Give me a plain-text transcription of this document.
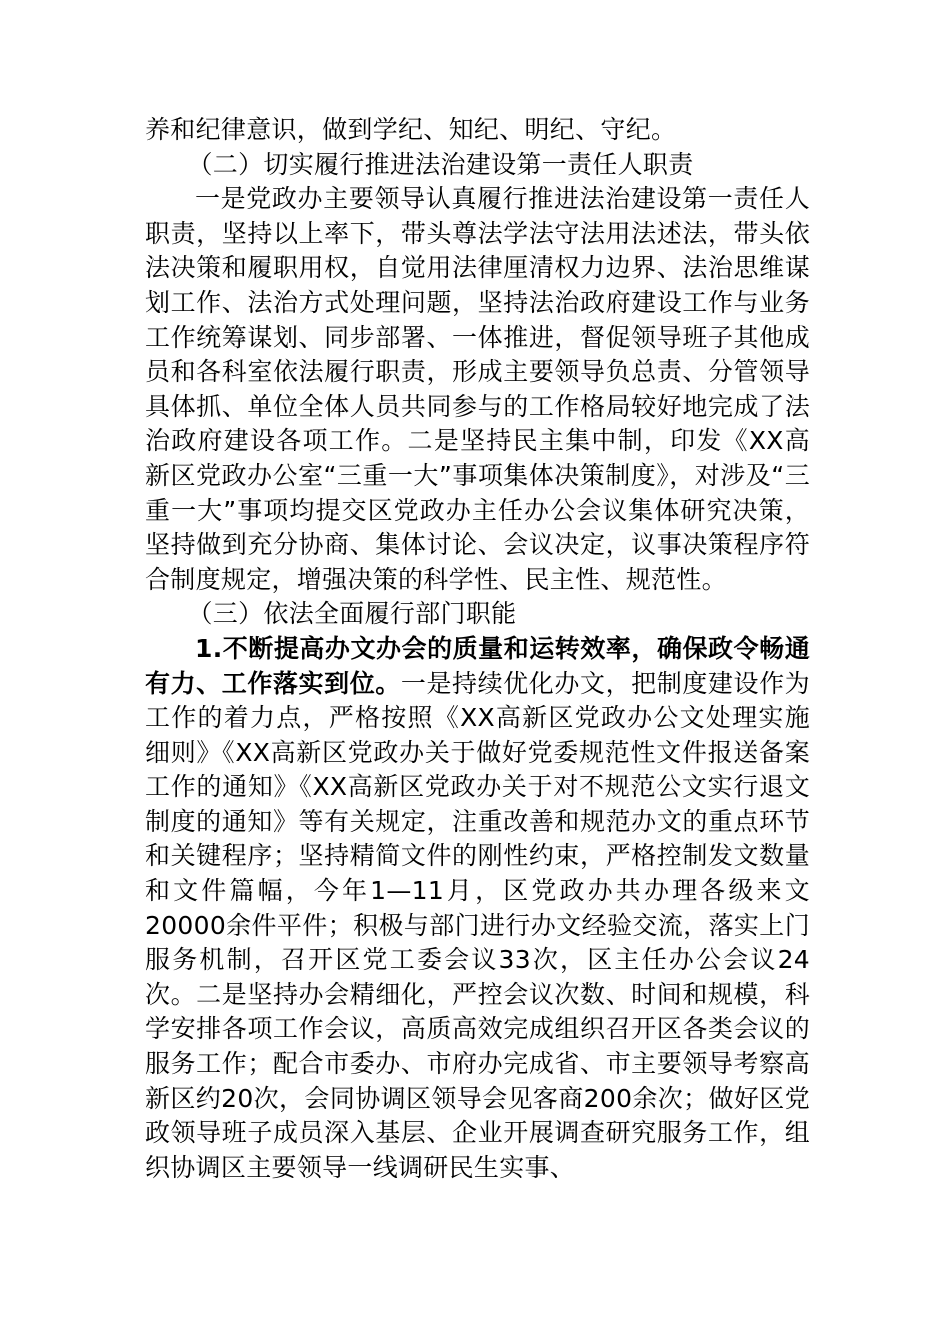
养和纪律意识，做到学纪、知纪、明纪、守纪。

（二）切实履行推进法治建设第一责任人职责

一是党政办主要领导认真履行推进法治建设第一责任人职责，坚持以上率下，带头尊法学法守法用法述法，带头依法决策和履职用权，自觉用法律厘清权力边界、法治思维谋划工作、法治方式处理问题，坚持法治政府建设工作与业务工作统筹谋划、同步部署、一体推进，督促领导班子其他成员和各科室依法履行职责，形成主要领导负总责、分管领导具体抓、单位全体人员共同参与的工作格局较好地完成了法治政府建设各项工作。二是坚持民主集中制，印发《XX高新区党政办公室“三重一大”事项集体决策制度》，对涉及“三重一大”事项均提交区党政办主任办公会议集体研究决策，坚持做到充分协商、集体讨论、会议决定，议事决策程序符合制度规定，增强决策的科学性、民主性、规范性。

（三）依法全面履行部门职能

1.不断提高办文办会的质量和运转效率，确保政令畅通有力、工作落实到位。一是持续优化办文，把制度建设作为工作的着力点，严格按照《XX高新区党政办公文处理实施细则》《XX高新区党政办关于做好党委规范性文件报送备案工作的通知》《XX高新区党政办关于对不规范公文实行退文制度的通知》等有关规定，注重改善和规范办文的重点环节和关键程序；坚持精简文件的刚性约束，严格控制发文数量和文件篇幅，今年1—11月，区党政办共办理各级来文20000余件平件；积极与部门进行办文经验交流，落实上门服务机制，召开区党工委会议33次，区主任办公会议24次。二是坚持办会精细化，严控会议次数、时间和规模，科学安排各项工作会议，高质高效完成组织召开区各类会议的服务工作；配合市委办、市府办完成省、市主要领导考察高新区约20次，会同协调区领导会见客商200余次；做好区党政领导班子成员深入基层、企业开展调查研究服务工作，组织协调区主要领导一线调研民生实事、
